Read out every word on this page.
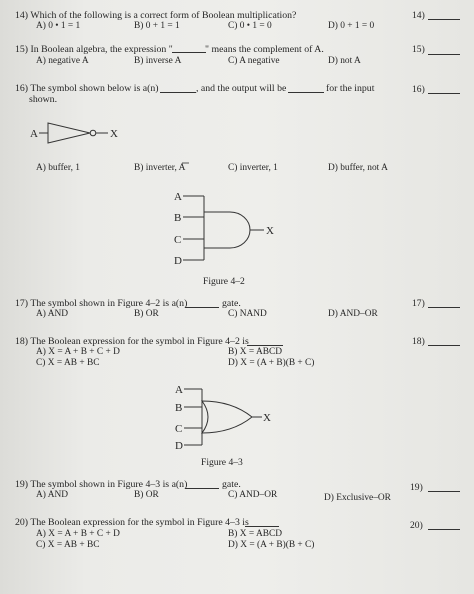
14) Which of the following is a correct form of Boolean multiplication?	14)
A) 0 • 1 = 1	B) 0 + 1 = 1	C) 0 • 1 = 0	D) 0 + 1 = 0
15) In Boolean algebra, the expression "	" means the complement of A.	15)
A) negative A	B) inverse A	C) A negative	D) not A
16) The symbol shown below is a(n)	, and the output will be	for the input
shown.
16)
A	X
A) buffer, 1	B) inverter, A	C) inverter, 1	D) buffer, not A
A
B
C
D
X
Figure 4–2
17) The symbol shown in Figure 4–2 is a(n)	gate.	17)
A) AND	B) OR	C) NAND	D) AND–OR
18) The Boolean expression for the symbol in Figure 4–2 is	18)
A) X = A + B + C + D	B) X = ABCD
C) X = AB + BC	D) X = (A + B)(B + C)
A
B
C
D
X
Figure 4–3
19) The symbol shown in Figure 4–3 is a(n)	gate.	19)
A) AND	B) OR	C) AND–OR	D) Exclusive–OR
20) The Boolean expression for the symbol in Figure 4–3 is	20)
A) X = A + B + C + D	B) X = ABCD
C) X = AB + BC	D) X = (A + B)(B + C)
